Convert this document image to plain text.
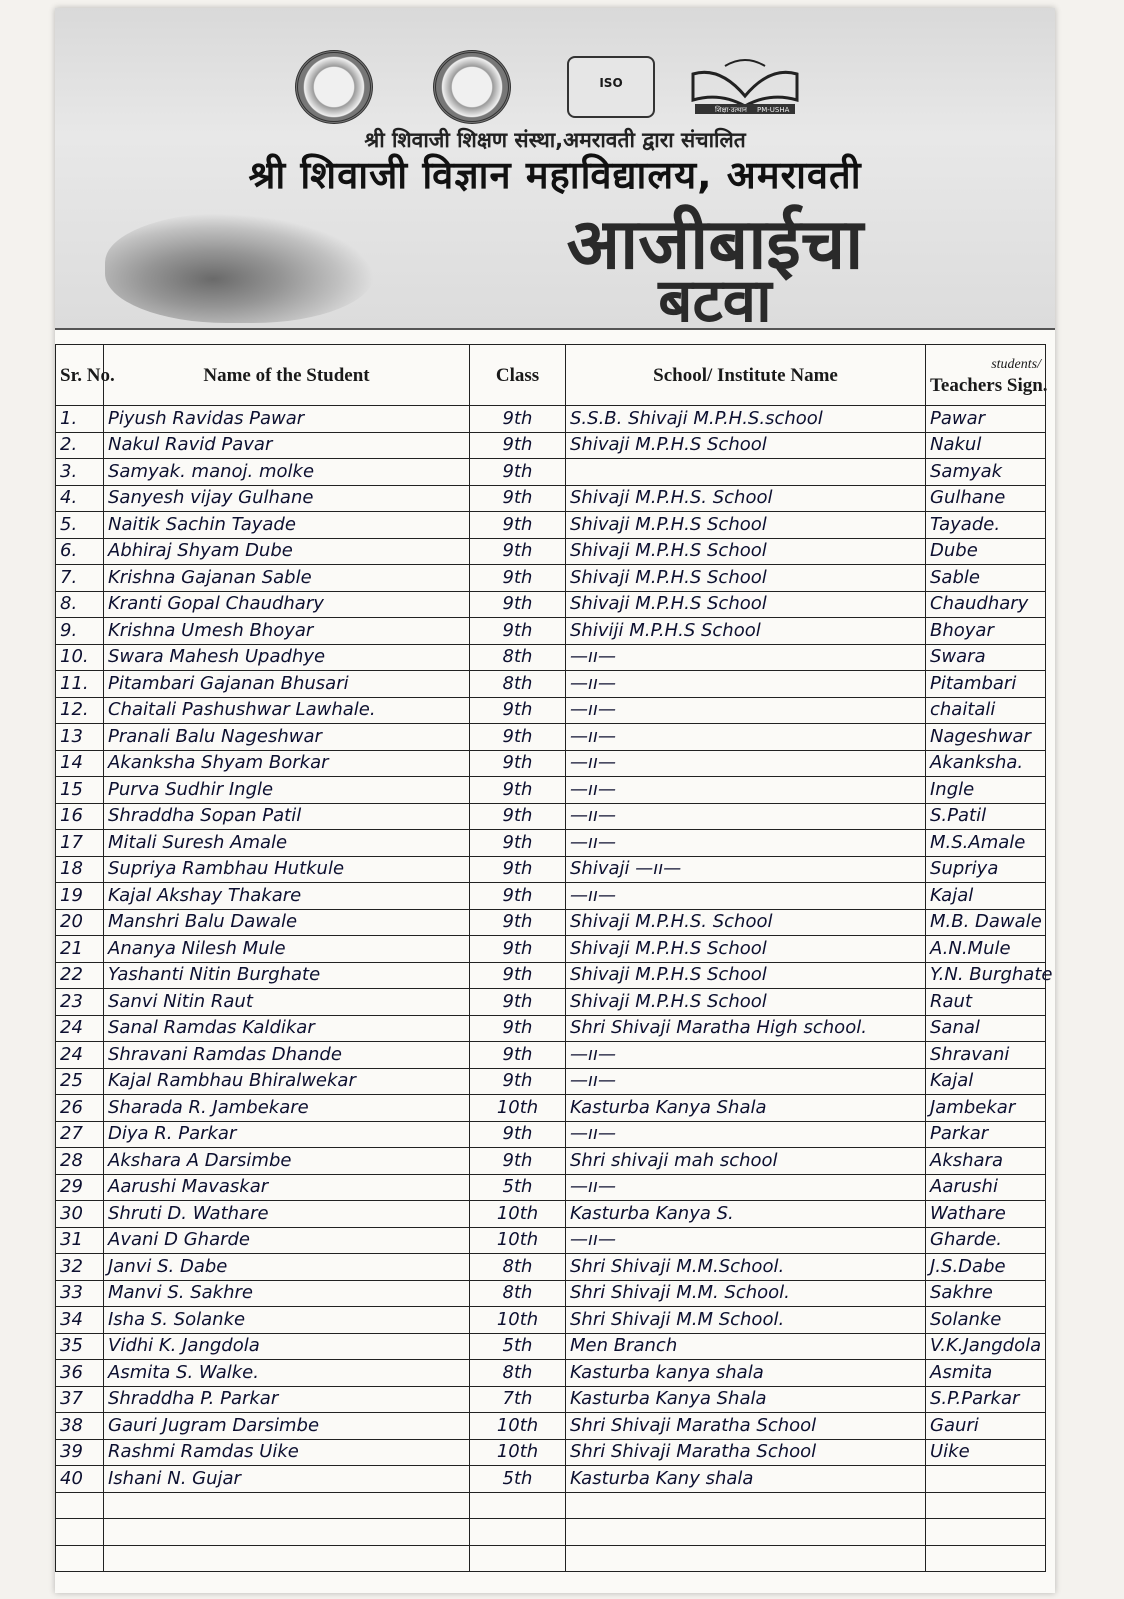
ISO
शिक्षा·उत्थान PM-USHA
श्री शिवाजी शिक्षण संस्था,अमरावती द्वारा संचालित
श्री शिवाजी विज्ञान महाविद्यालय, अमरावती
आजीबाईचा
बटवा
Sr. No.	Name of the Student	Class	School/ Institute Name	students/
Teachers Sign.
1.	Piyush Ravidas Pawar	9th	S.S.B. Shivaji M.P.H.S.school	Pawar
2.	Nakul Ravid Pavar	9th	Shivaji M.P.H.S School	Nakul
3.	Samyak. manoj. molke	9th		Samyak
4.	Sanyesh vijay Gulhane	9th	Shivaji M.P.H.S. School	Gulhane
5.	Naitik Sachin Tayade	9th	Shivaji M.P.H.S School	Tayade.
6.	Abhiraj Shyam Dube	9th	Shivaji M.P.H.S School	Dube
7.	Krishna Gajanan Sable	9th	Shivaji M.P.H.S School	Sable
8.	Kranti Gopal Chaudhary	9th	Shivaji M.P.H.S School	Chaudhary
9.	Krishna Umesh Bhoyar	9th	Shiviji M.P.H.S School	Bhoyar
10.	Swara Mahesh Upadhye	8th	—ıı—	Swara
11.	Pitambari Gajanan Bhusari	8th	—ıı—	Pitambari
12.	Chaitali Pashushwar Lawhale.	9th	—ıı—	chaitali
13	Pranali Balu Nageshwar	9th	—ıı—	Nageshwar
14	Akanksha Shyam Borkar	9th	—ıı—	Akanksha.
15	Purva Sudhir Ingle	9th	—ıı—	Ingle
16	Shraddha Sopan Patil	9th	—ıı—	S.Patil
17	Mitali Suresh Amale	9th	—ıı—	M.S.Amale
18	Supriya Rambhau Hutkule	9th	Shivaji —ıı—	Supriya
19	Kajal Akshay Thakare	9th	—ıı—	Kajal
20	Manshri Balu Dawale	9th	Shivaji M.P.H.S. School	M.B. Dawale
21	Ananya Nilesh Mule	9th	Shivaji M.P.H.S School	A.N.Mule
22	Yashanti Nitin Burghate	9th	Shivaji M.P.H.S School	Y.N. Burghate
23	Sanvi Nitin Raut	9th	Shivaji M.P.H.S School	Raut
24	Sanal Ramdas Kaldikar	9th	Shri Shivaji Maratha High school.	Sanal
24	Shravani Ramdas Dhande	9th	—ıı—	Shravani
25	Kajal Rambhau Bhiralwekar	9th	—ıı—	Kajal
26	Sharada R. Jambekare	10th	Kasturba Kanya Shala	Jambekar
27	Diya R. Parkar	9th	—ıı—	Parkar
28	Akshara A Darsimbe	9th	Shri shivaji mah school	Akshara
29	Aarushi Mavaskar	5th	—ıı—	Aarushi
30	Shruti D. Wathare	10th	Kasturba Kanya S.	Wathare
31	Avani D Gharde	10th	—ıı—	Gharde.
32	Janvi S. Dabe	8th	Shri Shivaji M.M.School.	J.S.Dabe
33	Manvi S. Sakhre	8th	Shri Shivaji M.M. School.	Sakhre
34	Isha S. Solanke	10th	Shri Shivaji M.M School.	Solanke
35	Vidhi K. Jangdola	5th	Men Branch	V.K.Jangdola
36	Asmita S. Walke.	8th	Kasturba kanya shala	Asmita
37	Shraddha P. Parkar	7th	Kasturba Kanya Shala	S.P.Parkar
38	Gauri Jugram Darsimbe	10th	Shri Shivaji Maratha School	Gauri
39	Rashmi Ramdas Uike	10th	Shri Shivaji Maratha School	Uike
40	Ishani N. Gujar	5th	Kasturba Kany shala	
